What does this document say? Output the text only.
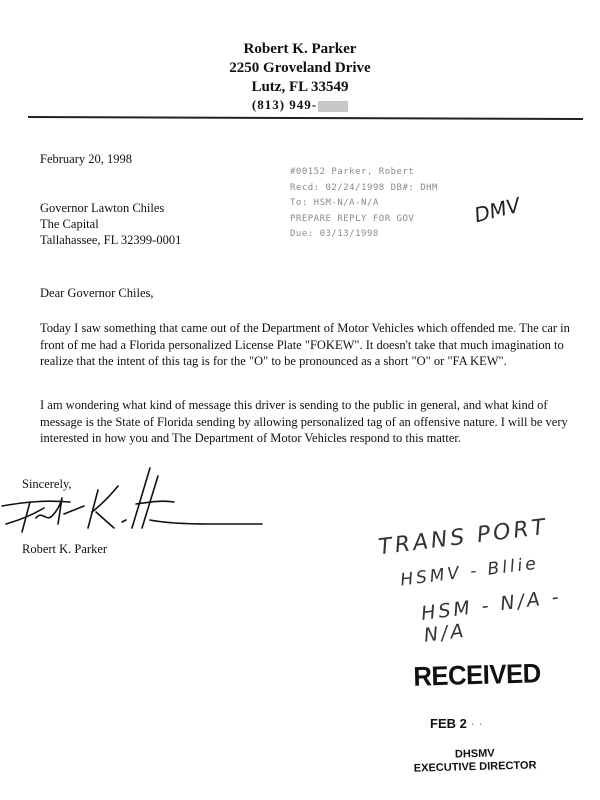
Robert K. Parker
2250 Groveland Drive
Lutz, FL 33549
(813) 949-
February 20, 1998
Governor Lawton Chiles
The Capital
Tallahassee, FL 32399-0001
#00152 Parker, Robert
Recd: 02/24/1998 DB#: DHM
To: HSM-N/A-N/A
PREPARE REPLY FOR GOV
Due: 03/13/1998
DMV
Dear Governor Chiles,
Today I saw something that came out of the Department of Motor Vehicles which offended me. The car in front of me had a Florida personalized License Plate "FOKEW". It doesn't take that much imagination to realize that the intent of this tag is for the "O" to be pronounced as a short "O" or "FA KEW".
I am wondering what kind of message this driver is sending to the public in general, and what kind of message is the State of Florida sending by allowing personalized tag of an offensive nature. I will be very interested in how you and The Department of Motor Vehicles respond to this matter.
Sincerely,
Robert K. Parker	TRANS PORT
HSMV - Bllie
HSM - N/A - N/A
RECEIVED
FEB 2 · ·
DHSMV
EXECUTIVE DIRECTOR
